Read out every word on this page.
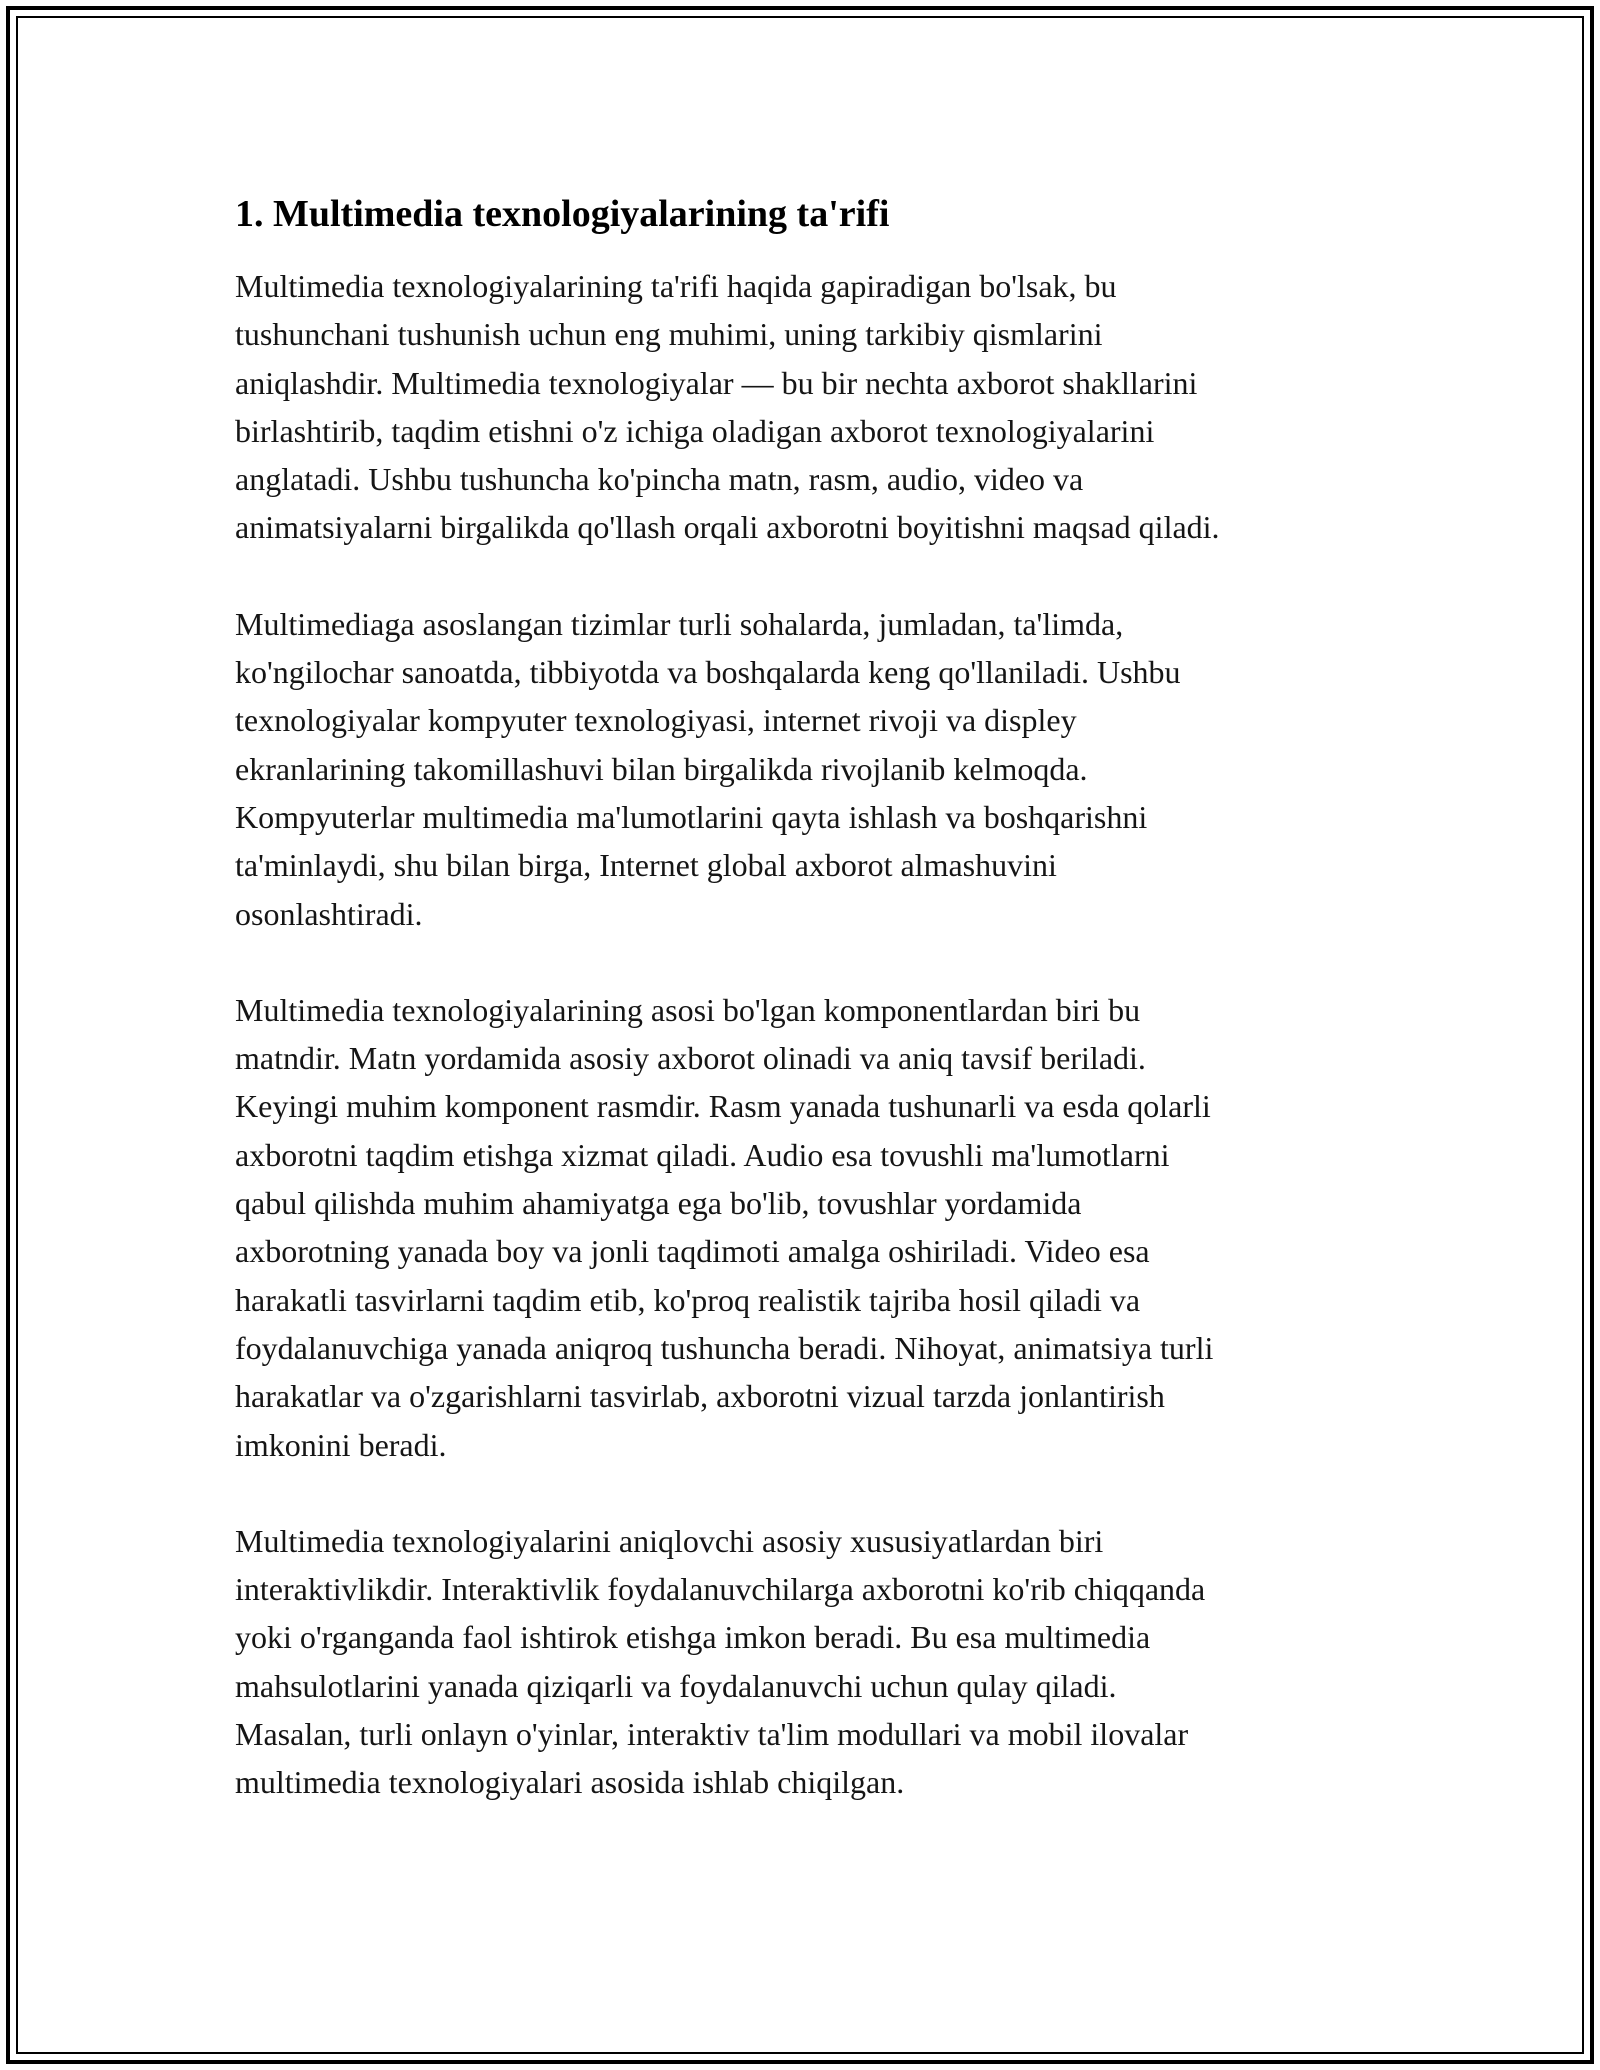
1. Multimedia texnologiyalarining ta'rifi

Multimedia texnologiyalarining ta'rifi haqida gapiradigan bo'lsak, bu
tushunchani tushunish uchun eng muhimi, uning tarkibiy qismlarini
aniqlashdir. Multimedia texnologiyalar — bu bir nechta axborot shakllarini
birlashtirib, taqdim etishni o'z ichiga oladigan axborot texnologiyalarini
anglatadi. Ushbu tushuncha ko'pincha matn, rasm, audio, video va
animatsiyalarni birgalikda qo'llash orqali axborotni boyitishni maqsad qiladi.

Multimediaga asoslangan tizimlar turli sohalarda, jumladan, ta'limda,
ko'ngilochar sanoatda, tibbiyotda va boshqalarda keng qo'llaniladi. Ushbu
texnologiyalar kompyuter texnologiyasi, internet rivoji va displey
ekranlarining takomillashuvi bilan birgalikda rivojlanib kelmoqda.
Kompyuterlar multimedia ma'lumotlarini qayta ishlash va boshqarishni
ta'minlaydi, shu bilan birga, Internet global axborot almashuvini
osonlashtiradi.

Multimedia texnologiyalarining asosi bo'lgan komponentlardan biri bu
matndir. Matn yordamida asosiy axborot olinadi va aniq tavsif beriladi.
Keyingi muhim komponent rasmdir. Rasm yanada tushunarli va esda qolarli
axborotni taqdim etishga xizmat qiladi. Audio esa tovushli ma'lumotlarni
qabul qilishda muhim ahamiyatga ega bo'lib, tovushlar yordamida
axborotning yanada boy va jonli taqdimoti amalga oshiriladi. Video esa
harakatli tasvirlarni taqdim etib, ko'proq realistik tajriba hosil qiladi va
foydalanuvchiga yanada aniqroq tushuncha beradi. Nihoyat, animatsiya turli
harakatlar va o'zgarishlarni tasvirlab, axborotni vizual tarzda jonlantirish
imkonini beradi.

Multimedia texnologiyalarini aniqlovchi asosiy xususiyatlardan biri
interaktivlikdir. Interaktivlik foydalanuvchilarga axborotni ko'rib chiqqanda
yoki o'rganganda faol ishtirok etishga imkon beradi. Bu esa multimedia
mahsulotlarini yanada qiziqarli va foydalanuvchi uchun qulay qiladi.
Masalan, turli onlayn o'yinlar, interaktiv ta'lim modullari va mobil ilovalar
multimedia texnologiyalari asosida ishlab chiqilgan.
